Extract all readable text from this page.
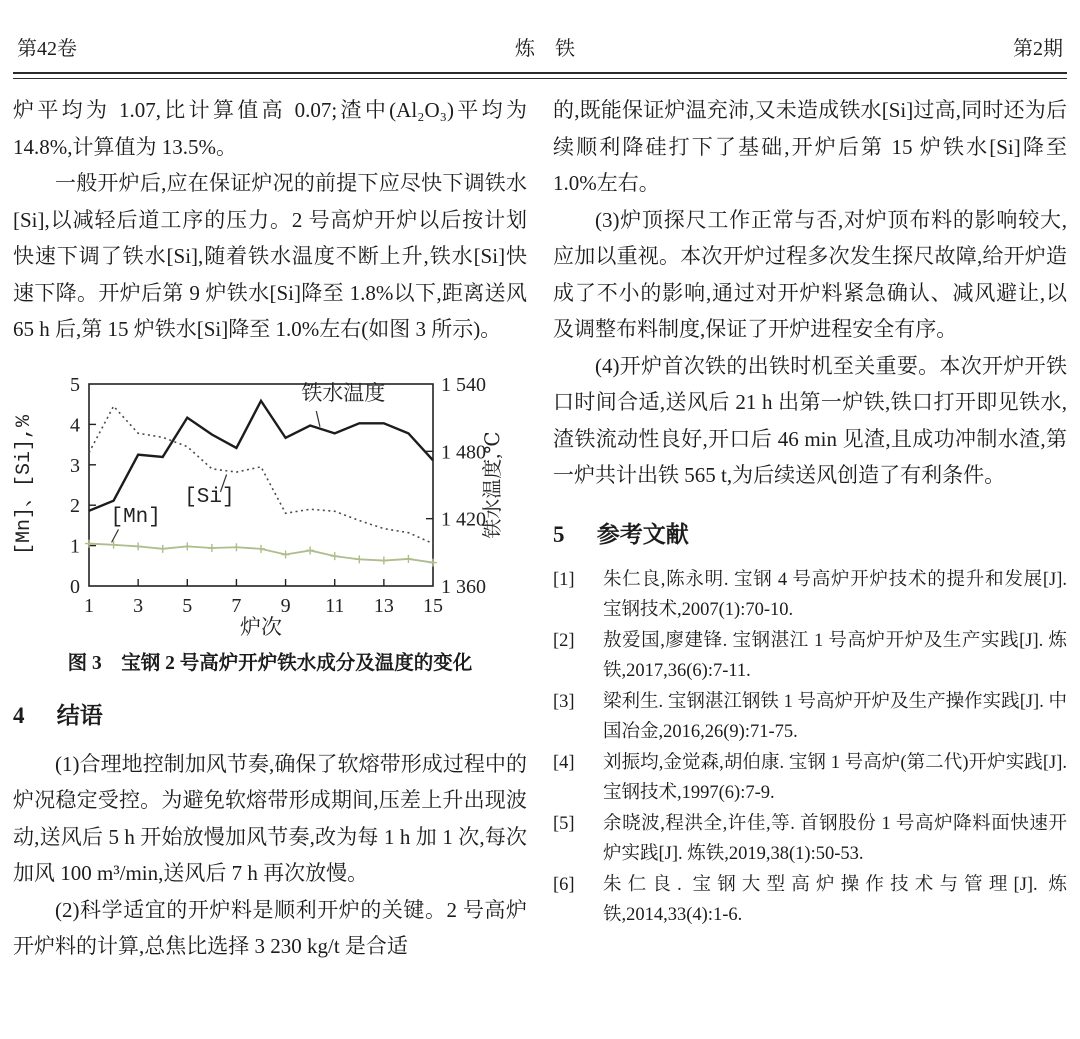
第42卷	炼　铁	第2期

炉平均为 1.07,比计算值高 0.07;渣中(Al₂O₃)平均为 14.8%,计算值为 13.5%。

一般开炉后,应在保证炉况的前提下应尽快下调铁水[Si],以减轻后道工序的压力。2 号高炉开炉以后按计划快速下调了铁水[Si],随着铁水温度不断上升,铁水[Si]快速下降。开炉后第 9 炉铁水[Si]降至 1.8%以下,距离送风 65 h 后,第 15 炉铁水[Si]降至 1.0%左右(如图 3 所示)。

0
1
2
3
4
5
1 360
1 420
1 480
1 540
1 3 5 7 9 11 13 15
铁水温度
[Si]
[Mn]
[Mn]、[Si],%	铁水温度,℃
炉次
图 3　宝钢 2 号高炉开炉铁水成分及温度的变化
4 结语

(1)合理地控制加风节奏,确保了软熔带形成过程中的炉况稳定受控。为避免软熔带形成期间,压差上升出现波动,送风后 5 h 开始放慢加风节奏,改为每 1 h 加 1 次,每次加风 100 m³/min,送风后 7 h 再次放慢。

(2)科学适宜的开炉料是顺利开炉的关键。2 号高炉开炉料的计算,总焦比选择 3 230 kg/t 是合适

的,既能保证炉温充沛,又未造成铁水[Si]过高,同时还为后续顺利降硅打下了基础,开炉后第 15 炉铁水[Si]降至 1.0%左右。

(3)炉顶探尺工作正常与否,对炉顶布料的影响较大,应加以重视。本次开炉过程多次发生探尺故障,给开炉造成了不小的影响,通过对开炉料紧急确认、减风避让,以及调整布料制度,保证了开炉进程安全有序。

(4)开炉首次铁的出铁时机至关重要。本次开炉开铁口时间合适,送风后 21 h 出第一炉铁,铁口打开即见铁水,渣铁流动性良好,开口后 46 min 见渣,且成功冲制水渣,第一炉共计出铁 565 t,为后续送风创造了有利条件。

5 参考文献
[1]	朱仁良,陈永明. 宝钢 4 号高炉开炉技术的提升和发展[J]. 宝钢技术,2007(1):70-10.
[2]	敖爱国,廖建锋. 宝钢湛江 1 号高炉开炉及生产实践[J]. 炼铁,2017,36(6):7-11.
[3]	梁利生. 宝钢湛江钢铁 1 号高炉开炉及生产操作实践[J]. 中国冶金,2016,26(9):71-75.
[4]	刘振均,金觉森,胡伯康. 宝钢 1 号高炉(第二代)开炉实践[J]. 宝钢技术,1997(6):7-9.
[5]	余晓波,程洪全,许佳,等. 首钢股份 1 号高炉降料面快速开炉实践[J]. 炼铁,2019,38(1):50-53.
[6]	朱仁良. 宝钢大型高炉操作技术与管理[J]. 炼铁,2014,33(4):1-6.
